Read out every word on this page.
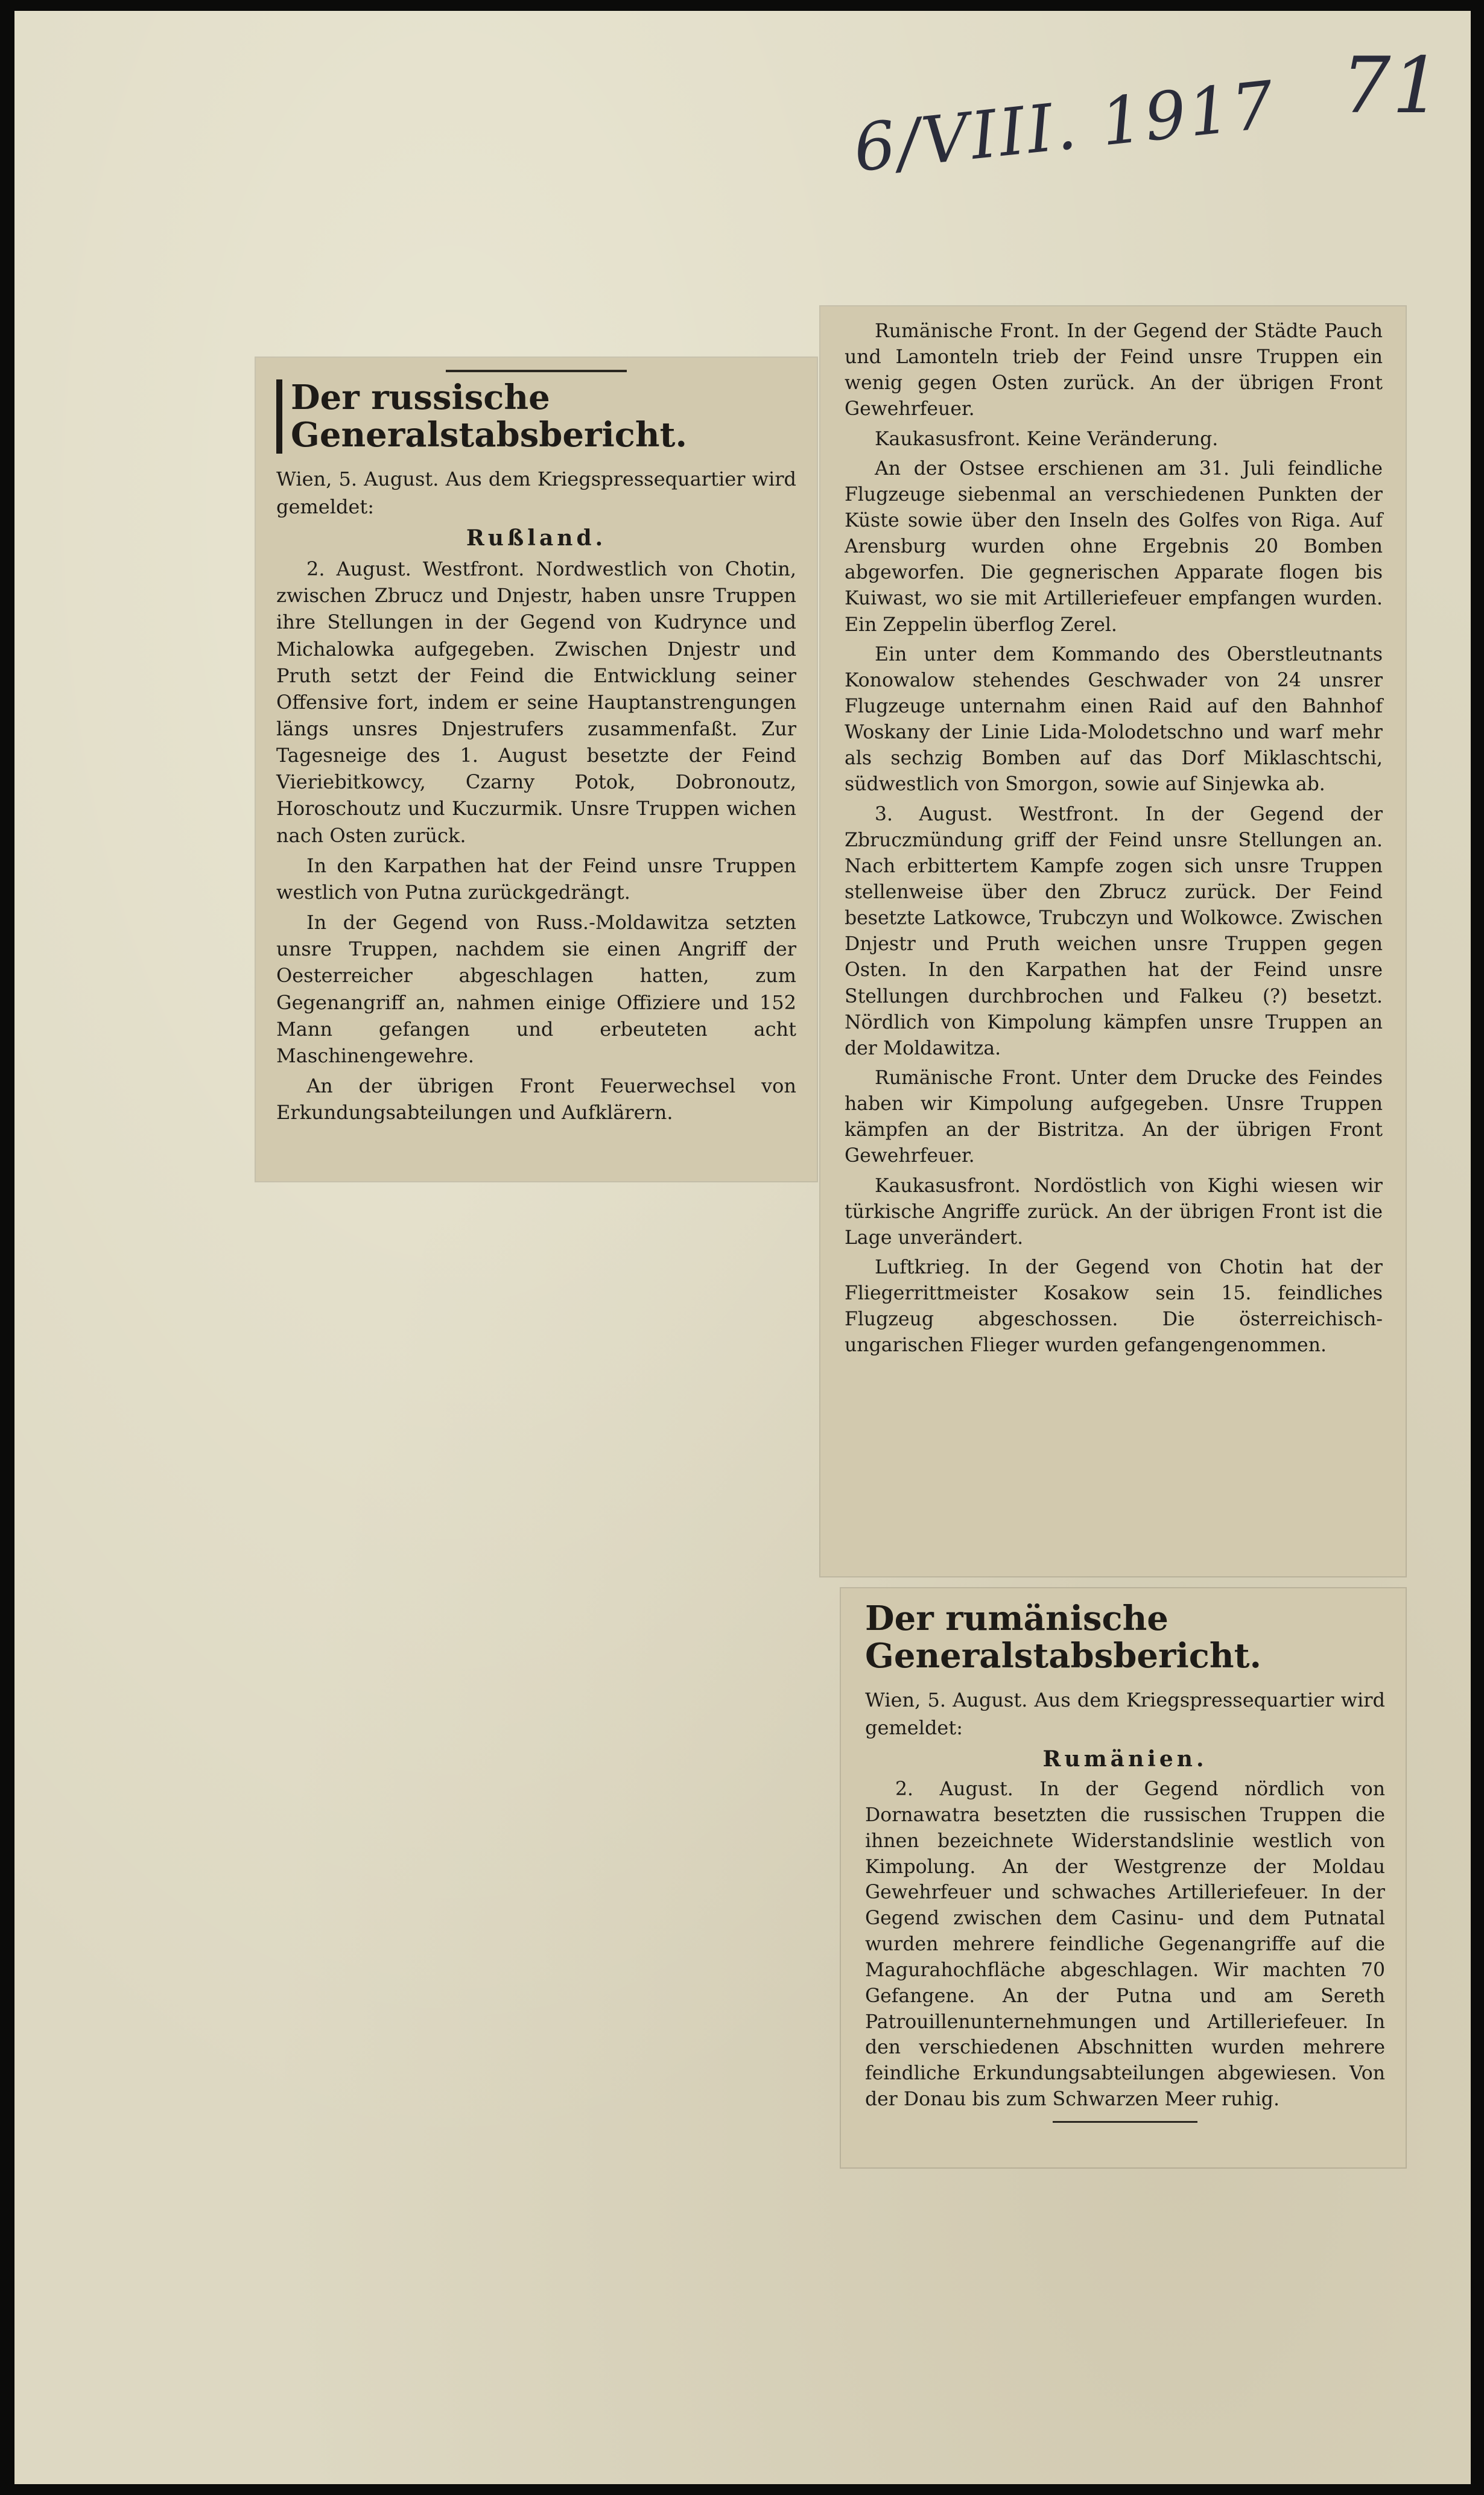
6/VIII. 1917 71
Der russische Generalstabsbericht.

Wien, 5. August. Aus dem Kriegspressequartier wird gemeldet:

Rußland.

2. August. Westfront. Nordwestlich von Chotin, zwischen Zbrucz und Dnjestr, haben unsre Truppen ihre Stellungen in der Gegend von Kudrynce und Michalowka aufgegeben. Zwischen Dnjestr und Pruth setzt der Feind die Entwicklung seiner Offensive fort, indem er seine Hauptanstrengungen längs unsres Dnjestrufers zusammenfaßt. Zur Tagesneige des 1. August besetzte der Feind Vieriebitkowcy, Czarny Potok, Dobronoutz, Horoschoutz und Kuczurmik. Unsre Truppen wichen nach Osten zurück.

In den Karpathen hat der Feind unsre Truppen westlich von Putna zurückgedrängt.

In der Gegend von Russ.-Moldawitza setzten unsre Truppen, nachdem sie einen Angriff der Oesterreicher abgeschlagen hatten, zum Gegenangriff an, nahmen einige Offiziere und 152 Mann gefangen und erbeuteten acht Maschinengewehre.

An der übrigen Front Feuerwechsel von Erkundungsabteilungen und Aufklärern.

Rumänische Front. In der Gegend der Städte Pauch und Lamonteln trieb der Feind unsre Truppen ein wenig gegen Osten zurück. An der übrigen Front Gewehrfeuer.

Kaukasusfront. Keine Veränderung.

An der Ostsee erschienen am 31. Juli feindliche Flugzeuge siebenmal an verschiedenen Punkten der Küste sowie über den Inseln des Golfes von Riga. Auf Arensburg wurden ohne Ergebnis 20 Bomben abgeworfen. Die gegnerischen Apparate flogen bis Kuiwast, wo sie mit Artilleriefeuer empfangen wurden. Ein Zeppelin überflog Zerel.

Ein unter dem Kommando des Oberstleutnants Konowalow stehendes Geschwader von 24 unsrer Flugzeuge unternahm einen Raid auf den Bahnhof Woskany der Linie Lida-Molodetschno und warf mehr als sechzig Bomben auf das Dorf Miklaschtschi, südwestlich von Smorgon, sowie auf Sinjewka ab.

3. August. Westfront. In der Gegend der Zbruczmündung griff der Feind unsre Stellungen an. Nach erbittertem Kampfe zogen sich unsre Truppen stellenweise über den Zbrucz zurück. Der Feind besetzte Latkowce, Trubczyn und Wolkowce. Zwischen Dnjestr und Pruth weichen unsre Truppen gegen Osten. In den Karpathen hat der Feind unsre Stellungen durchbrochen und Falkeu (?) besetzt. Nördlich von Kimpolung kämpfen unsre Truppen an der Moldawitza.

Rumänische Front. Unter dem Drucke des Feindes haben wir Kimpolung aufgegeben. Unsre Truppen kämpfen an der Bistritza. An der übrigen Front Gewehrfeuer.

Kaukasusfront. Nordöstlich von Kighi wiesen wir türkische Angriffe zurück. An der übrigen Front ist die Lage unverändert.

Luftkrieg. In der Gegend von Chotin hat der Fliegerrittmeister Kosakow sein 15. feindliches Flugzeug abgeschossen. Die österreichisch-ungarischen Flieger wurden gefangengenommen.

Der rumänische Generalstabsbericht.

Wien, 5. August. Aus dem Kriegspressequartier wird gemeldet:

Rumänien.

2. August. In der Gegend nördlich von Dornawatra besetzten die russischen Truppen die ihnen bezeichnete Widerstandslinie westlich von Kimpolung. An der Westgrenze der Moldau Gewehrfeuer und schwaches Artilleriefeuer. In der Gegend zwischen dem Casinu- und dem Putnatal wurden mehrere feindliche Gegenangriffe auf die Magurahochfläche abgeschlagen. Wir machten 70 Gefangene. An der Putna und am Sereth Patrouillenunternehmungen und Artilleriefeuer. In den verschiedenen Abschnitten wurden mehrere feindliche Erkundungsabteilungen abgewiesen. Von der Donau bis zum Schwarzen Meer ruhig.
